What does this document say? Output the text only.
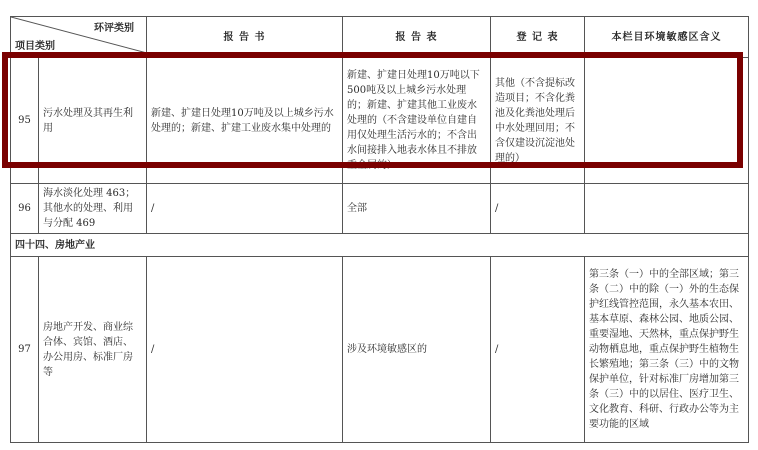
环评类别
项目类别		报 告 书	报 告 表	登 记 表	本栏目环境敏感区含义
95	污水处理及其再生利用	新建、扩建日处理10万吨及以上城乡污水处理的；新建、扩建工业废水集中处理的	新建、扩建日处理10万吨以下500吨及以上城乡污水处理的；新建、扩建其他工业废水处理的（不含建设单位自建自用仅处理生活污水的；不含出水间接排入地表水体且不排放重金属的）	其他（不含提标改造项目；不含化粪池及化粪池处理后中水处理回用；不含仅建设沉淀池处理的）	
96	海水淡化处理 463；其他水的处理、利用与分配 469	/	全部	/	
四十四、房地产业					
97	房地产开发、商业综合体、宾馆、酒店、办公用房、标准厂房等	/	涉及环境敏感区的	/	第三条（一）中的全部区域；第三条（二）中的除（一）外的生态保护红线管控范围，永久基本农田、基本草原、森林公园、地质公园、重要湿地、天然林，重点保护野生动物栖息地，重点保护野生植物生长繁殖地；第三条（三）中的文物保护单位，针对标准厂房增加第三条（三）中的以居住、医疗卫生、文化教育、科研、行政办公等为主要功能的区域
